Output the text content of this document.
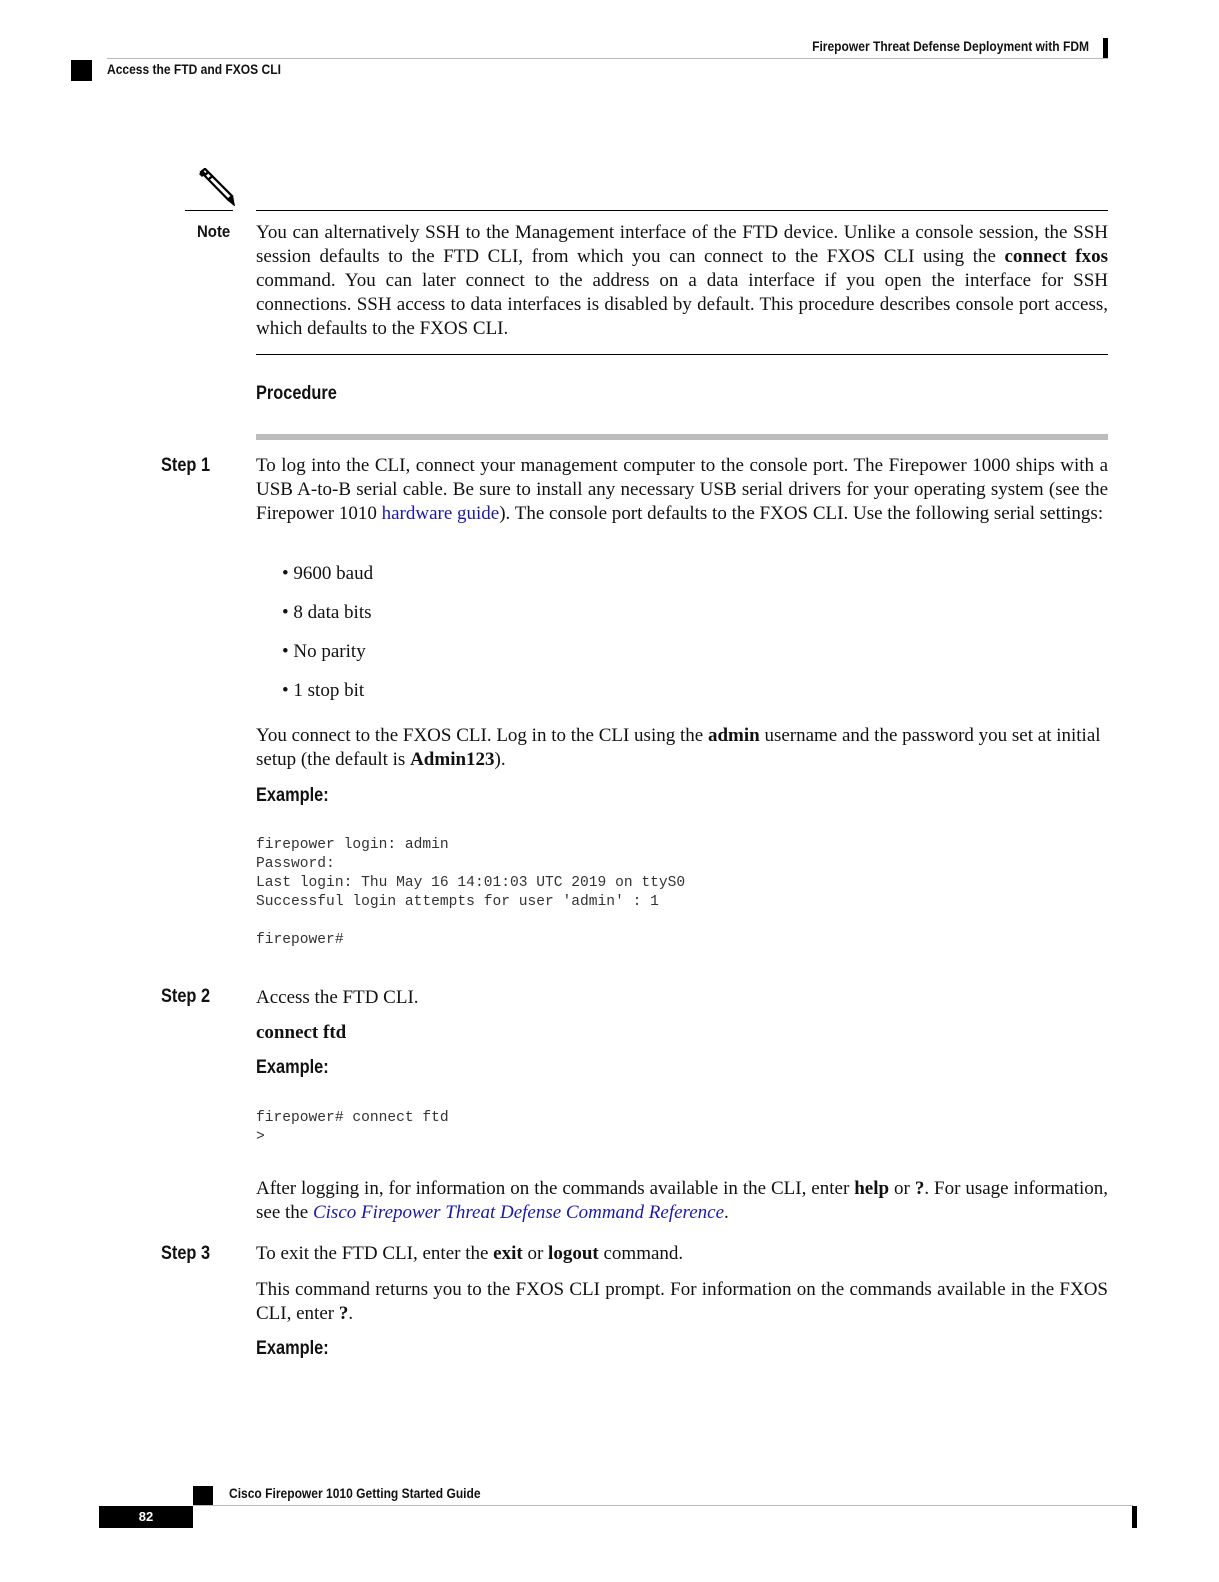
Firepower Threat Defense Deployment with FDM
Access the FTD and FXOS CLI
Note You can alternatively SSH to the Management interface of the FTD device. Unlike a console session, the SSH session defaults to the FTD CLI, from which you can connect to the FXOS CLI using the connect fxos command. You can later connect to the address on a data interface if you open the interface for SSH connections. SSH access to data interfaces is disabled by default. This procedure describes console port access, which defaults to the FXOS CLI.
Procedure
Step 1 To log into the CLI, connect your management computer to the console port. The Firepower 1000 ships with a USB A-to-B serial cable. Be sure to install any necessary USB serial drivers for your operating system (see the Firepower 1010 hardware guide). The console port defaults to the FXOS CLI. Use the following serial settings:
• 9600 baud
• 8 data bits
• No parity
• 1 stop bit
You connect to the FXOS CLI. Log in to the CLI using the admin username and the password you set at initial setup (the default is Admin123).
Example:
firepower login: admin
Password:
Last login: Thu May 16 14:01:03 UTC 2019 on ttyS0
Successful login attempts for user 'admin' : 1

firepower#
Step 2 Access the FTD CLI.
connect ftd
Example:
firepower# connect ftd
>
After logging in, for information on the commands available in the CLI, enter help or ?. For usage information, see the Cisco Firepower Threat Defense Command Reference.
Step 3 To exit the FTD CLI, enter the exit or logout command.
This command returns you to the FXOS CLI prompt. For information on the commands available in the FXOS CLI, enter ?.
Example:
Cisco Firepower 1010 Getting Started Guide
82
